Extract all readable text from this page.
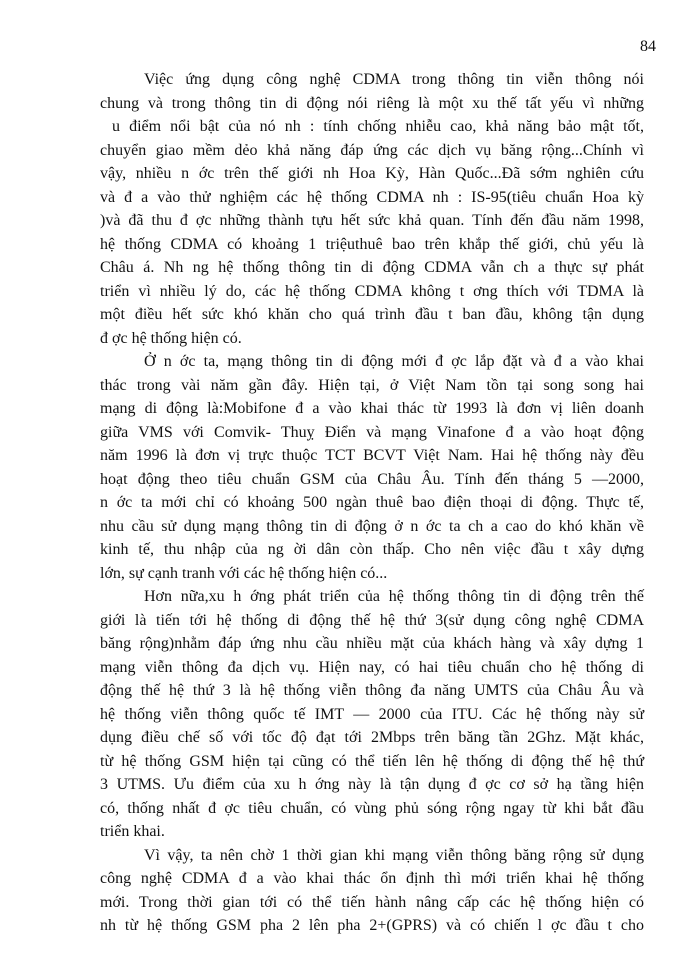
84
Việc ứng dụng công nghệ CDMA trong thông tin viễn thông nói
chung và trong thông tin di động nói riêng là một xu thế tất yếu vì những
u điểm nổi bật của nó nh : tính chống nhiễu cao, khả năng bảo mật tốt,
chuyển giao mềm dẻo khả năng đáp ứng các dịch vụ băng rộng...Chính vì
vậy, nhiều n ớc trên thế giới nh Hoa Kỳ, Hàn Quốc...Đã sớm nghiên cứu
và đ a vào thử nghiệm các hệ thống CDMA nh : IS-95(tiêu chuẩn Hoa kỳ
)và đã thu đ ợc những thành tựu hết sức khả quan. Tính đến đầu năm 1998,
hệ thống CDMA có khoảng 1 triệuthuê bao trên khắp thế giới, chủ yếu là
Châu á. Nh ng hệ thống thông tin di động CDMA vẫn ch a thực sự phát
triển vì nhiều lý do, các hệ thống CDMA không t ơng thích với TDMA là
một điều hết sức khó khăn cho quá trình đầu t ban đầu, không tận dụng
đ ợc hệ thống hiện có.
Ở n ớc ta, mạng thông tin di động mới đ ợc lắp đặt và đ a vào khai
thác trong vài năm gần đây. Hiện tại, ở Việt Nam tồn tại song song hai
mạng di động là:Mobifone đ a vào khai thác từ 1993 là đơn vị liên doanh
giữa VMS với Comvik- Thuỵ Điển và mạng Vinafone đ a vào hoạt động
năm 1996 là đơn vị trực thuộc TCT BCVT Việt Nam. Hai hệ thống này đều
hoạt động theo tiêu chuẩn GSM của Châu Âu. Tính đến tháng 5 —2000,
n ớc ta mới chỉ có khoảng 500 ngàn thuê bao điện thoại di động. Thực tế,
nhu cầu sử dụng mạng thông tin di động ở n ớc ta ch a cao do khó khăn về
kinh tế, thu nhập của ng ời dân còn thấp. Cho nên việc đầu t xây dựng
lớn, sự cạnh tranh với các hệ thống hiện có...
Hơn nữa,xu h ớng phát triển của hệ thống thông tin di động trên thế
giới là tiến tới hệ thống di động thế hệ thứ 3(sử dụng công nghệ CDMA
băng rộng)nhằm đáp ứng nhu cầu nhiều mặt của khách hàng và xây dựng 1
mạng viễn thông đa dịch vụ. Hiện nay, có hai tiêu chuẩn cho hệ thống di
động thế hệ thứ 3 là hệ thống viễn thông đa năng UMTS của Châu Âu và
hệ thống viễn thông quốc tế IMT — 2000 của ITU. Các hệ thống này sử
dụng điều chế số với tốc độ đạt tới 2Mbps trên băng tần 2Ghz. Mặt khác,
từ hệ thống GSM hiện tại cũng có thể tiến lên hệ thống di động thế hệ thứ
3 UTMS. Ưu điểm của xu h ớng này là tận dụng đ ợc cơ sở hạ tầng hiện
có, thống nhất đ ợc tiêu chuẩn, có vùng phủ sóng rộng ngay từ khi bắt đầu
triển khai.
Vì vậy, ta nên chờ 1 thời gian khi mạng viễn thông băng rộng sử dụng
công nghệ CDMA đ a vào khai thác ổn định thì mới triển khai hệ thống
mới. Trong thời gian tới có thể tiến hành nâng cấp các hệ thống hiện có
nh từ hệ thống GSM pha 2 lên pha 2+(GPRS) và có chiến l ợc đầu t cho
